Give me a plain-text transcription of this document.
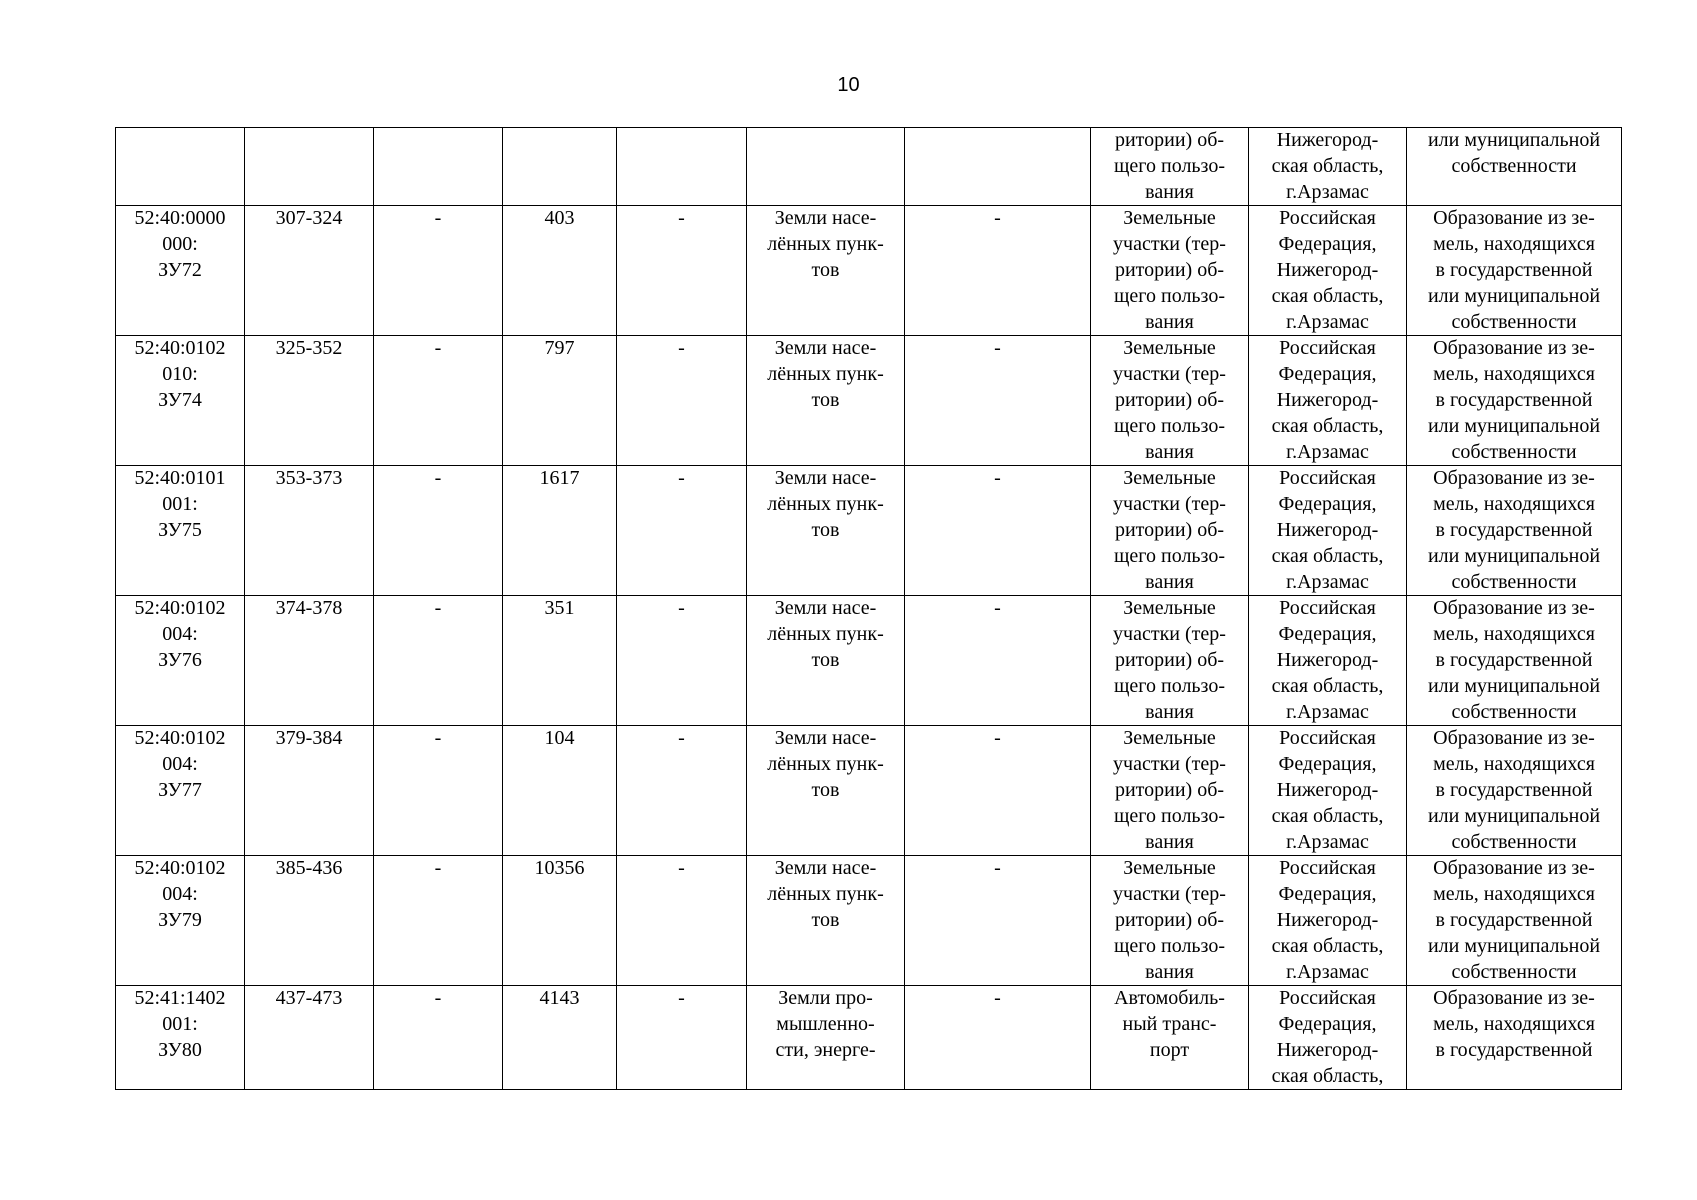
10
							ритории) об-
щего пользо-
вания	Нижегород-
ская область,
г.Арзамас	или муниципальной
собственности
52:40:0000
000:
ЗУ72	307-324	-	403	-	Земли насе-
лённых пунк-
тов	-	Земельные
участки (тер-
ритории) об-
щего пользо-
вания	Российская
Федерация,
Нижегород-
ская область,
г.Арзамас	Образование из зе-
мель, находящихся
в государственной
или муниципальной
собственности
52:40:0102
010:
ЗУ74	325-352	-	797	-	Земли насе-
лённых пунк-
тов	-	Земельные
участки (тер-
ритории) об-
щего пользо-
вания	Российская
Федерация,
Нижегород-
ская область,
г.Арзамас	Образование из зе-
мель, находящихся
в государственной
или муниципальной
собственности
52:40:0101
001:
ЗУ75	353-373	-	1617	-	Земли насе-
лённых пунк-
тов	-	Земельные
участки (тер-
ритории) об-
щего пользо-
вания	Российская
Федерация,
Нижегород-
ская область,
г.Арзамас	Образование из зе-
мель, находящихся
в государственной
или муниципальной
собственности
52:40:0102
004:
ЗУ76	374-378	-	351	-	Земли насе-
лённых пунк-
тов	-	Земельные
участки (тер-
ритории) об-
щего пользо-
вания	Российская
Федерация,
Нижегород-
ская область,
г.Арзамас	Образование из зе-
мель, находящихся
в государственной
или муниципальной
собственности
52:40:0102
004:
ЗУ77	379-384	-	104	-	Земли насе-
лённых пунк-
тов	-	Земельные
участки (тер-
ритории) об-
щего пользо-
вания	Российская
Федерация,
Нижегород-
ская область,
г.Арзамас	Образование из зе-
мель, находящихся
в государственной
или муниципальной
собственности
52:40:0102
004:
ЗУ79	385-436	-	10356	-	Земли насе-
лённых пунк-
тов	-	Земельные
участки (тер-
ритории) об-
щего пользо-
вания	Российская
Федерация,
Нижегород-
ская область,
г.Арзамас	Образование из зе-
мель, находящихся
в государственной
или муниципальной
собственности
52:41:1402
001:
ЗУ80	437-473	-	4143	-	Земли про-
мышленно-
сти, энерге-	-	Автомобиль-
ный транс-
порт	Российская
Федерация,
Нижегород-
ская область,	Образование из зе-
мель, находящихся
в государственной
